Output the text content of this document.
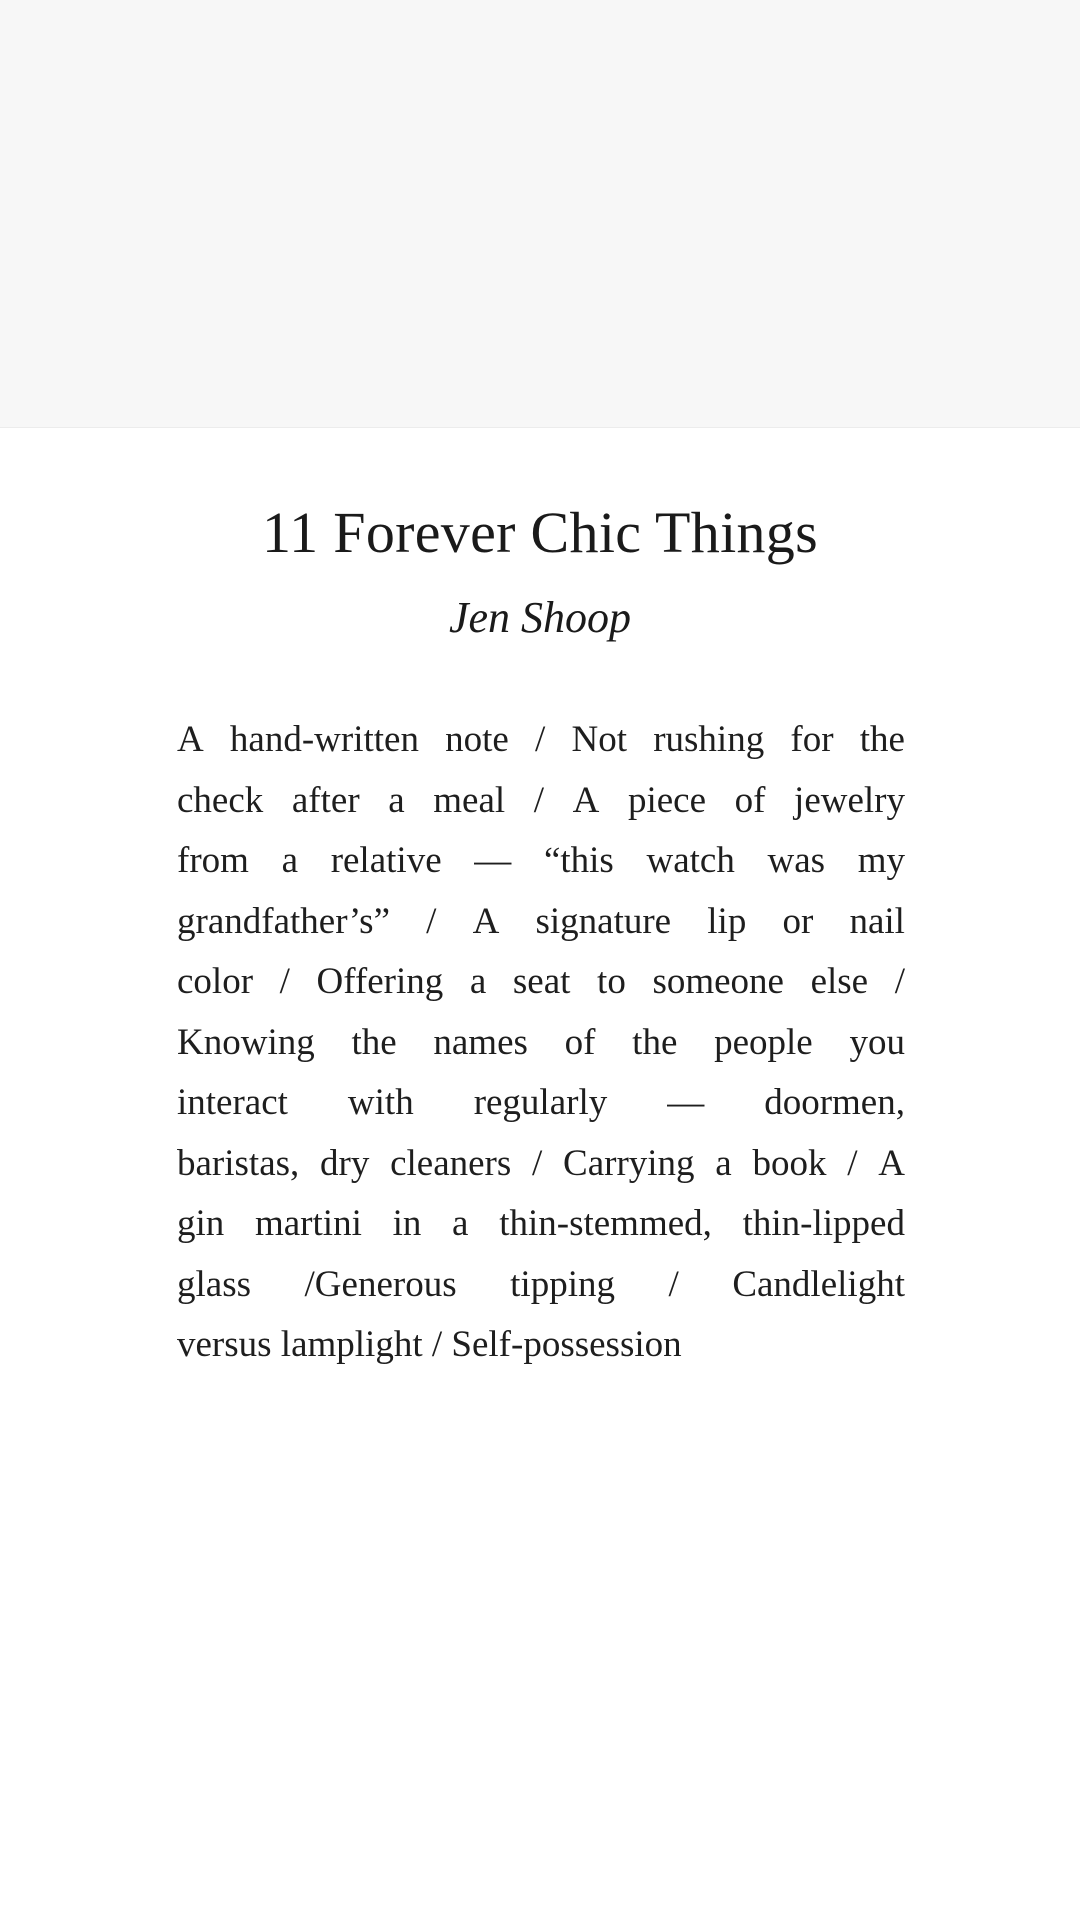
11 Forever Chic Things
Jen Shoop
A hand-written note / Not rushing for the
check after a meal / A piece of jewelry
from a relative — “this watch was my
grandfather’s” / A signature lip or nail
color / Offering a seat to someone else /
Knowing the names of the people you
interact with regularly — doormen,
baristas, dry cleaners / Carrying a book / A
gin martini in a thin-stemmed, thin-lipped
glass /Generous tipping / Candlelight
versus lamplight / Self-possession
